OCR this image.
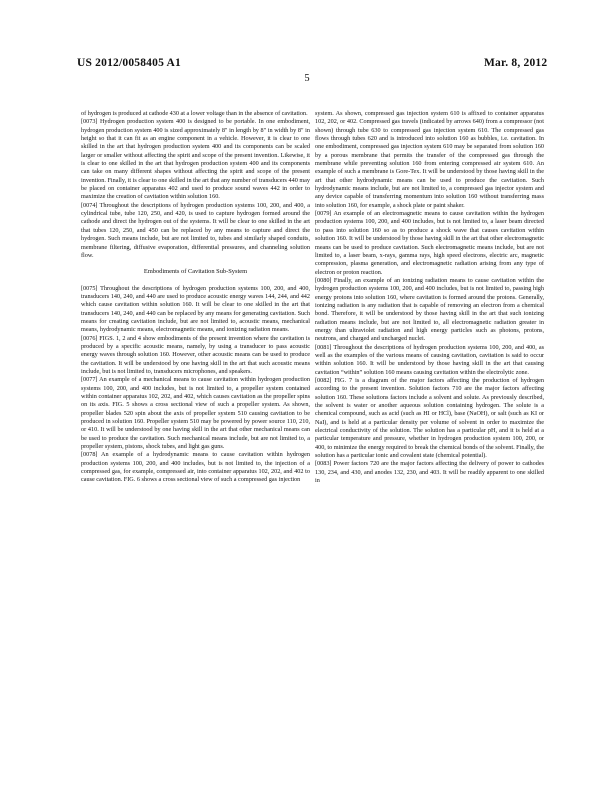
US 2012/0058405 A1	Mar. 8, 2012
5

of hydrogen is produced at cathode 430 at a lower voltage than in the absence of cavitation.

[0073] Hydrogen production system 400 is designed to be portable. In one embodiment, hydrogen production system 400 is sized approximately 8" in length by 8" in width by 8" in height so that it can fit as an engine component in a vehicle. However, it is clear to one skilled in the art that hydrogen production system 400 and its components can be scaled larger or smaller without affecting the spirit and scope of the present invention. Likewise, it is clear to one skilled in the art that hydrogen production system 400 and its components can take on many different shapes without affecting the spirit and scope of the present invention. Finally, it is clear to one skilled in the art that any number of transducers 440 may be placed on container apparatus 402 and used to produce sound waves 442 in order to maximize the creation of cavitation within solution 160.

[0074] Throughout the descriptions of hydrogen production systems 100, 200, and 400, a cylindrical tube, tube 120, 250, and 420, is used to capture hydrogen formed around the cathode and direct the hydrogen out of the systems. It will be clear to one skilled in the art that tubes 120, 250, and 450 can be replaced by any means to capture and direct the hydrogen. Such means include, but are not limited to, tubes and similarly shaped conduits, membrane filtering, diffusive evaporation, differential pressures, and channeling solution flow.

Embodiments of Cavitation Sub-System

[0075] Throughout the descriptions of hydrogen production systems 100, 200, and 400, transducers 140, 240, and 440 are used to produce acoustic energy waves 144, 244, and 442 which cause cavitation within solution 160. It will be clear to one skilled in the art that transducers 140, 240, and 440 can be replaced by any means for generating cavitation. Such means for creating cavitation include, but are not limited to, acoustic means, mechanical means, hydrodynamic means, electromagnetic means, and ionizing radiation means.

[0076] FIGS. 1, 2 and 4 show embodiments of the present invention where the cavitation is produced by a specific acoustic means, namely, by using a transducer to pass acoustic energy waves through solution 160. However, other acoustic means can be used to produce the cavitation. It will be understood by one having skill in the art that such acoustic means include, but is not limited to, transducers microphones, and speakers.

[0077] An example of a mechanical means to cause cavitation within hydrogen production systems 100, 200, and 400 includes, but is not limited to, a propeller system contained within container apparatus 102, 202, and 402, which causes cavitation as the propeller spins on its axis. FIG. 5 shows a cross sectional view of such a propeller system. As shown, propeller blades 520 spin about the axis of propeller system 510 causing cavitation to be produced in solution 160. Propeller system 510 may be powered by power source 110, 210, or 410. It will be understood by one having skill in the art that other mechanical means can be used to produce the cavitation. Such mechanical means include, but are not limited to, a propeller system, pistons, shock tubes, and light gas guns.

[0078] An example of a hydrodynamic means to cause cavitation within hydrogen production systems 100, 200, and 400 includes, but is not limited to, the injection of a compressed gas, for example, compressed air, into container apparatus 102, 202, and 402 to cause cavitation. FIG. 6 shows a cross sectional view of such a compressed gas injection

system. As shown, compressed gas injection system 610 is affixed to container apparatus 102, 202, or 402. Compressed gas travels (indicated by arrows 640) from a compressor (not shown) through tube 630 to compressed gas injection system 610. The compressed gas flows through tubes 620 and is introduced into solution 160 as bubbles, i.e. cavitation. In one embodiment, compressed gas injection system 610 may be separated from solution 160 by a porous membrane that permits the transfer of the compressed gas through the membrane while preventing solution 160 from entering compressed air system 610. An example of such a membrane is Gore-Tex. It will be understood by those having skill in the art that other hydrodynamic means can be used to produce the cavitation. Such hydrodynamic means include, but are not limited to, a compressed gas injector system and any device capable of transferring momentum into solution 160 without transferring mass into solution 160, for example, a shock plate or paint shaker.

[0079] An example of an electromagnetic means to cause cavitation within the hydrogen production systems 100, 200, and 400 includes, but is not limited to, a laser beam directed to pass into solution 160 so as to produce a shock wave that causes cavitation within solution 160. It will be understood by those having skill in the art that other electromagnetic means can be used to produce cavitation. Such electromagnetic means include, but are not limited to, a laser beam, x-rays, gamma rays, high speed electrons, electric arc, magnetic compression, plasma generation, and electromagnetic radiation arising from any type of electron or proton reaction.

[0080] Finally, an example of an ionizing radiation means to cause cavitation within the hydrogen production systems 100, 200, and 400 includes, but is not limited to, passing high energy protons into solution 160, where cavitation is formed around the protons. Generally, ionizing radiation is any radiation that is capable of removing an electron from a chemical bond. Therefore, it will be understood by those having skill in the art that such ionizing radiation means include, but are not limited to, all electromagnetic radiation greater in energy than ultraviolet radiation and high energy particles such as photons, protons, neutrons, and charged and uncharged nuclei.

[0081] Throughout the descriptions of hydrogen production systems 100, 200, and 400, as well as the examples of the various means of causing cavitation, cavitation is said to occur within solution 160. It will be understood by those having skill in the art that causing cavitation “within” solution 160 means causing cavitation within the electrolytic zone.

[0082] FIG. 7 is a diagram of the major factors affecting the production of hydrogen according to the present invention. Solution factors 710 are the major factors affecting solution 160. These solutions factors include a solvent and solute. As previously described, the solvent is water or another aqueous solution containing hydrogen. The solute is a chemical compound, such as acid (such as HI or HCl), base (NaOH), or salt (such as KI or NaI), and is held at a particular density per volume of solvent in order to maximize the electrical conductivity of the solution. The solution has a particular pH, and it is held at a particular temperature and pressure, whether in hydrogen production system 100, 200, or 400, to minimize the energy required to break the chemical bonds of the solvent. Finally, the solution has a particular ionic and covalent state (chemical potential).

[0083] Power factors 720 are the major factors affecting the delivery of power to cathodes 130, 234, and 430, and anodes 132, 230, and 403. It will be readily apparent to one skilled in
